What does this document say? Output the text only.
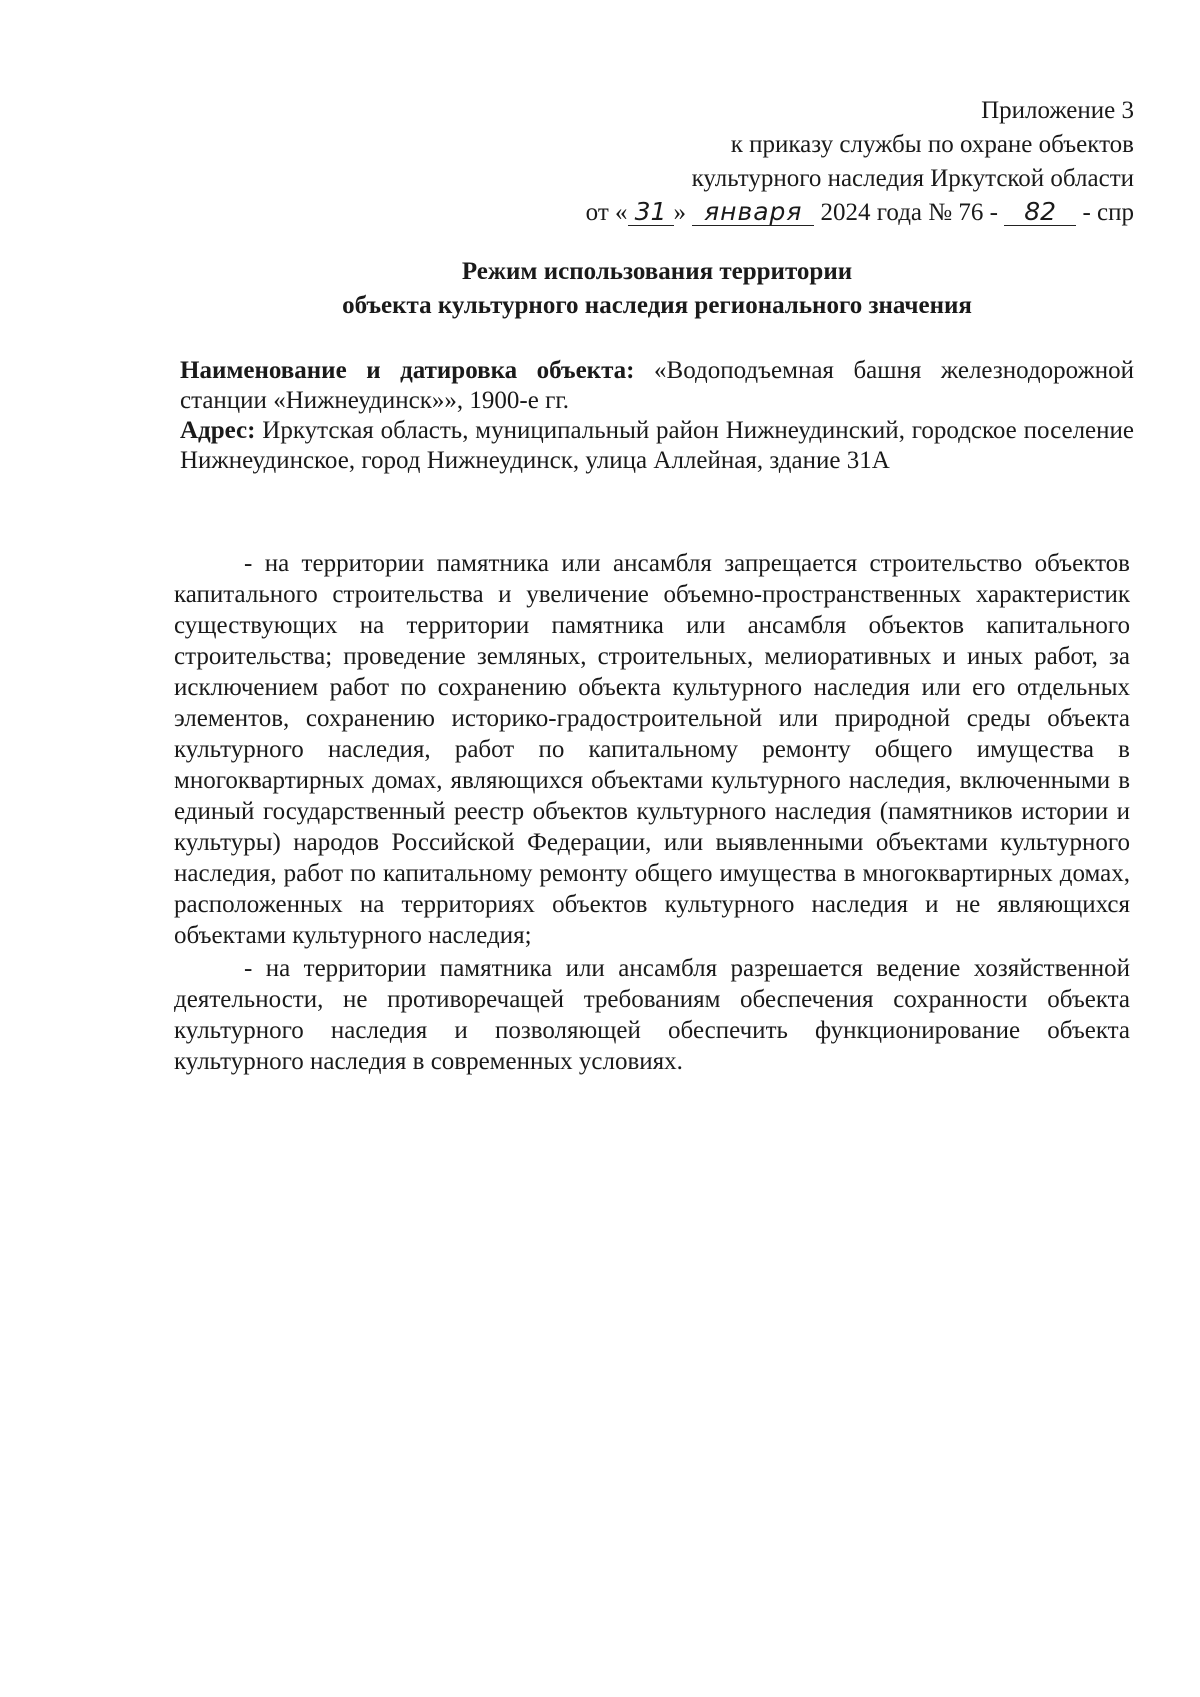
Приложение 3
к приказу службы по охране объектов
культурного наследия Иркутской области
от « 31 » января 2024 года № 76 - 82 - спр
Режим использования территории
объекта культурного наследия регионального значения

Наименование и датировка объекта: «Водоподъемная башня железнодорожной станции «Нижнеудинск»», 1900-е гг.

Адрес: Иркутская область, муниципальный район Нижнеудинский, городское поселение Нижнеудинское, город Нижнеудинск, улица Аллейная, здание 31А

- на территории памятника или ансамбля запрещается строительство объектов капитального строительства и увеличение объемно-пространственных характеристик существующих на территории памятника или ансамбля объектов капитального строительства; проведение земляных, строительных, мелиоративных и иных работ, за исключением работ по сохранению объекта культурного наследия или его отдельных элементов, сохранению историко-градостроительной или природной среды объекта культурного наследия, работ по капитальному ремонту общего имущества в многоквартирных домах, являющихся объектами культурного наследия, включенными в единый государственный реестр объектов культурного наследия (памятников истории и культуры) народов Российской Федерации, или выявленными объектами культурного наследия, работ по капитальному ремонту общего имущества в многоквартирных домах, расположенных на территориях объектов культурного наследия и не являющихся объектами культурного наследия;

- на территории памятника или ансамбля разрешается ведение хозяйственной деятельности, не противоречащей требованиям обеспечения сохранности объекта культурного наследия и позволяющей обеспечить функционирование объекта культурного наследия в современных условиях.
